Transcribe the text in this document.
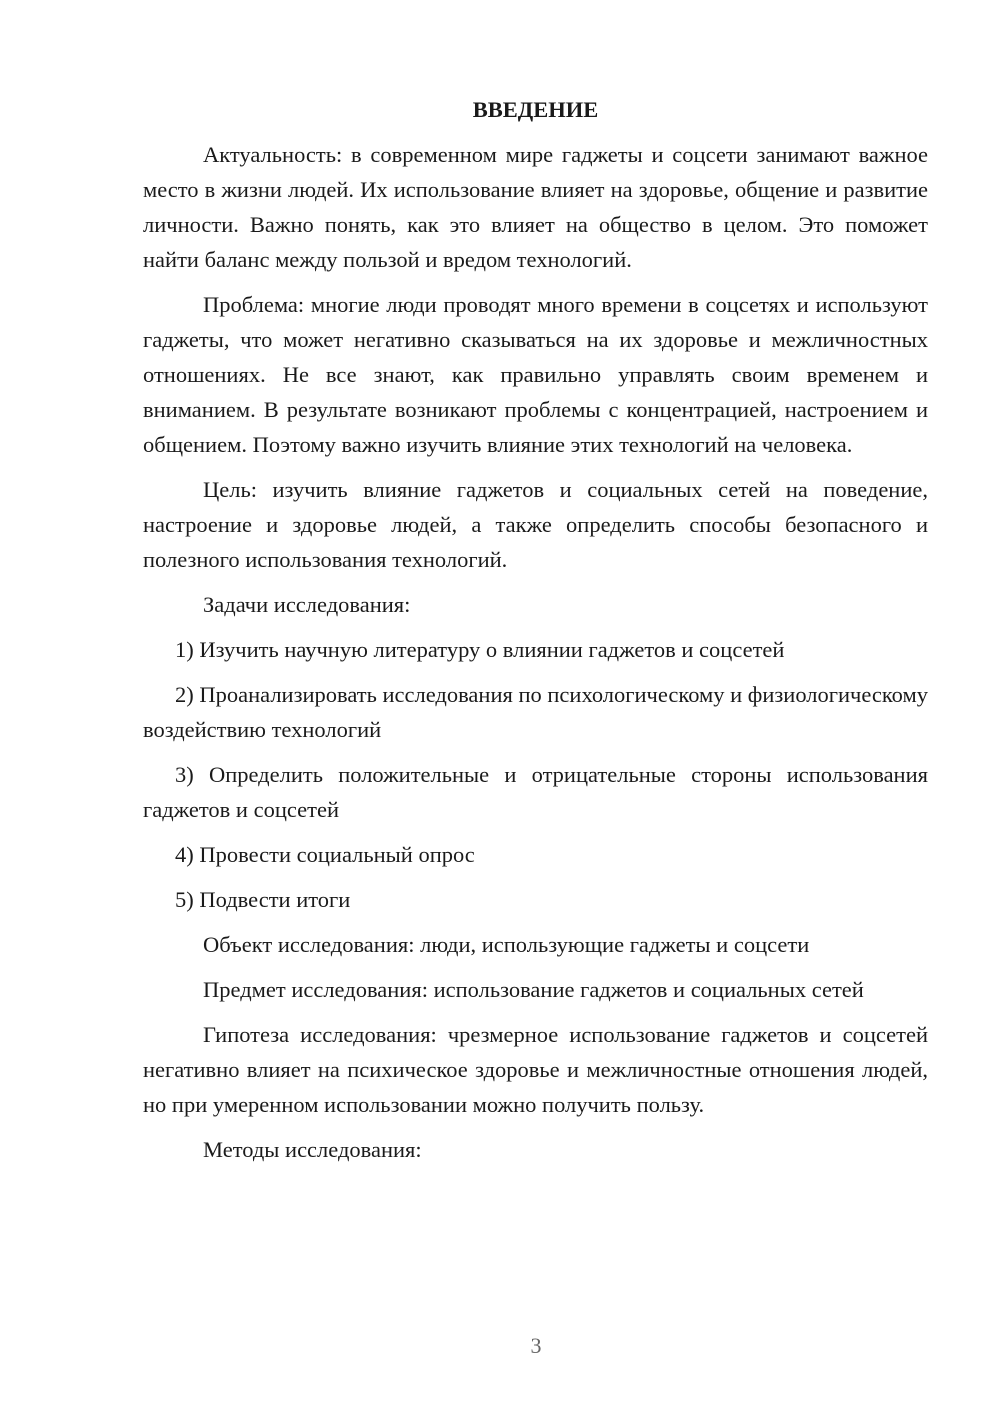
ВВЕДЕНИЕ

Актуальность: в современном мире гаджеты и соцсети занимают важное место в жизни людей. Их использование влияет на здоровье, общение и развитие личности. Важно понять, как это влияет на общество в целом. Это поможет найти баланс между пользой и вредом технологий.

Проблема: многие люди проводят много времени в соцсетях и используют гаджеты, что может негативно сказываться на их здоровье и межличностных отношениях. Не все знают, как правильно управлять своим временем и вниманием. В результате возникают проблемы с концентрацией, настроением и общением. Поэтому важно изучить влияние этих технологий на человека.

Цель: изучить влияние гаджетов и социальных сетей на поведение, настроение и здоровье людей, а также определить способы безопасного и полезного использования технологий.

Задачи исследования:

1) Изучить научную литературу о влиянии гаджетов и соцсетей

2) Проанализировать исследования по психологическому и физиологическому воздействию технологий

3) Определить положительные и отрицательные стороны использования гаджетов и соцсетей

4) Провести социальный опрос

5) Подвести итоги

Объект исследования: люди, использующие гаджеты и соцсети

Предмет исследования: использование гаджетов и социальных сетей

Гипотеза исследования: чрезмерное использование гаджетов и соцсетей негативно влияет на психическое здоровье и межличностные отношения людей, но при умеренном использовании можно получить пользу.

Методы исследования:

3
